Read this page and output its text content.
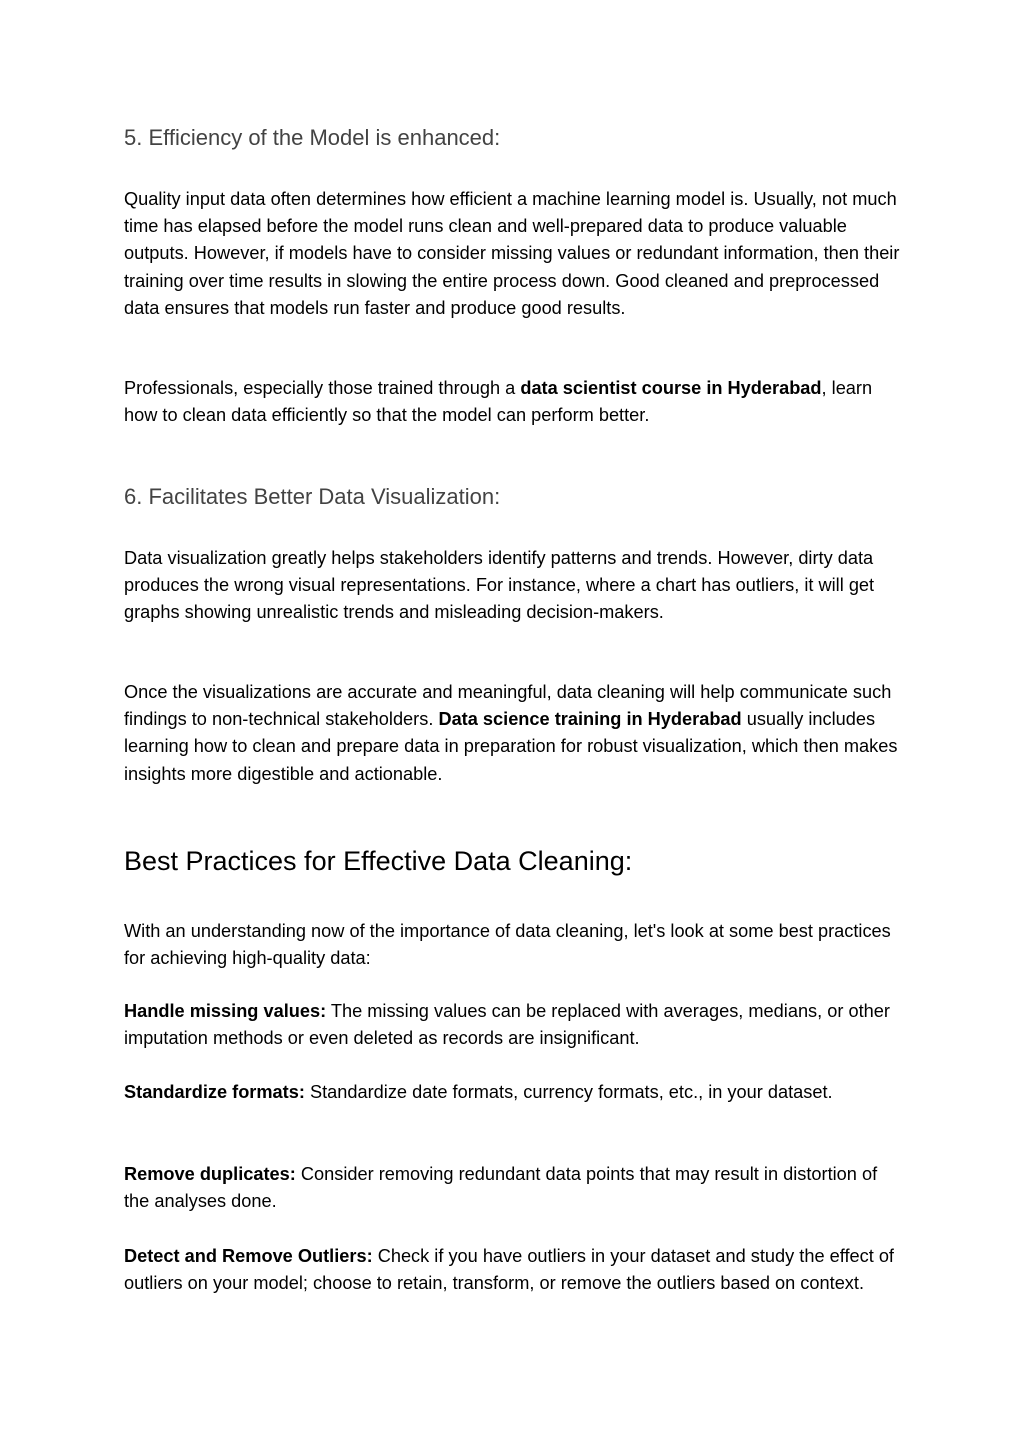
5. Efficiency of the Model is enhanced:

Quality input data often determines how efficient a machine learning model is. Usually, not much time has elapsed before the model runs clean and well-prepared data to produce valuable outputs. However, if models have to consider missing values or redundant information, then their training over time results in slowing the entire process down. Good cleaned and preprocessed data ensures that models run faster and produce good results.

Professionals, especially those trained through a data scientist course in Hyderabad, learn how to clean data efficiently so that the model can perform better.

6. Facilitates Better Data Visualization:

Data visualization greatly helps stakeholders identify patterns and trends. However, dirty data produces the wrong visual representations. For instance, where a chart has outliers, it will get graphs showing unrealistic trends and misleading decision-makers.

Once the visualizations are accurate and meaningful, data cleaning will help communicate such findings to non-technical stakeholders. Data science training in Hyderabad usually includes learning how to clean and prepare data in preparation for robust visualization, which then makes insights more digestible and actionable.

Best Practices for Effective Data Cleaning:

With an understanding now of the importance of data cleaning, let's look at some best practices for achieving high-quality data:

Handle missing values: The missing values can be replaced with averages, medians, or other imputation methods or even deleted as records are insignificant.

Standardize formats: Standardize date formats, currency formats, etc., in your dataset.

Remove duplicates: Consider removing redundant data points that may result in distortion of the analyses done.

Detect and Remove Outliers: Check if you have outliers in your dataset and study the effect of outliers on your model; choose to retain, transform, or remove the outliers based on context.
